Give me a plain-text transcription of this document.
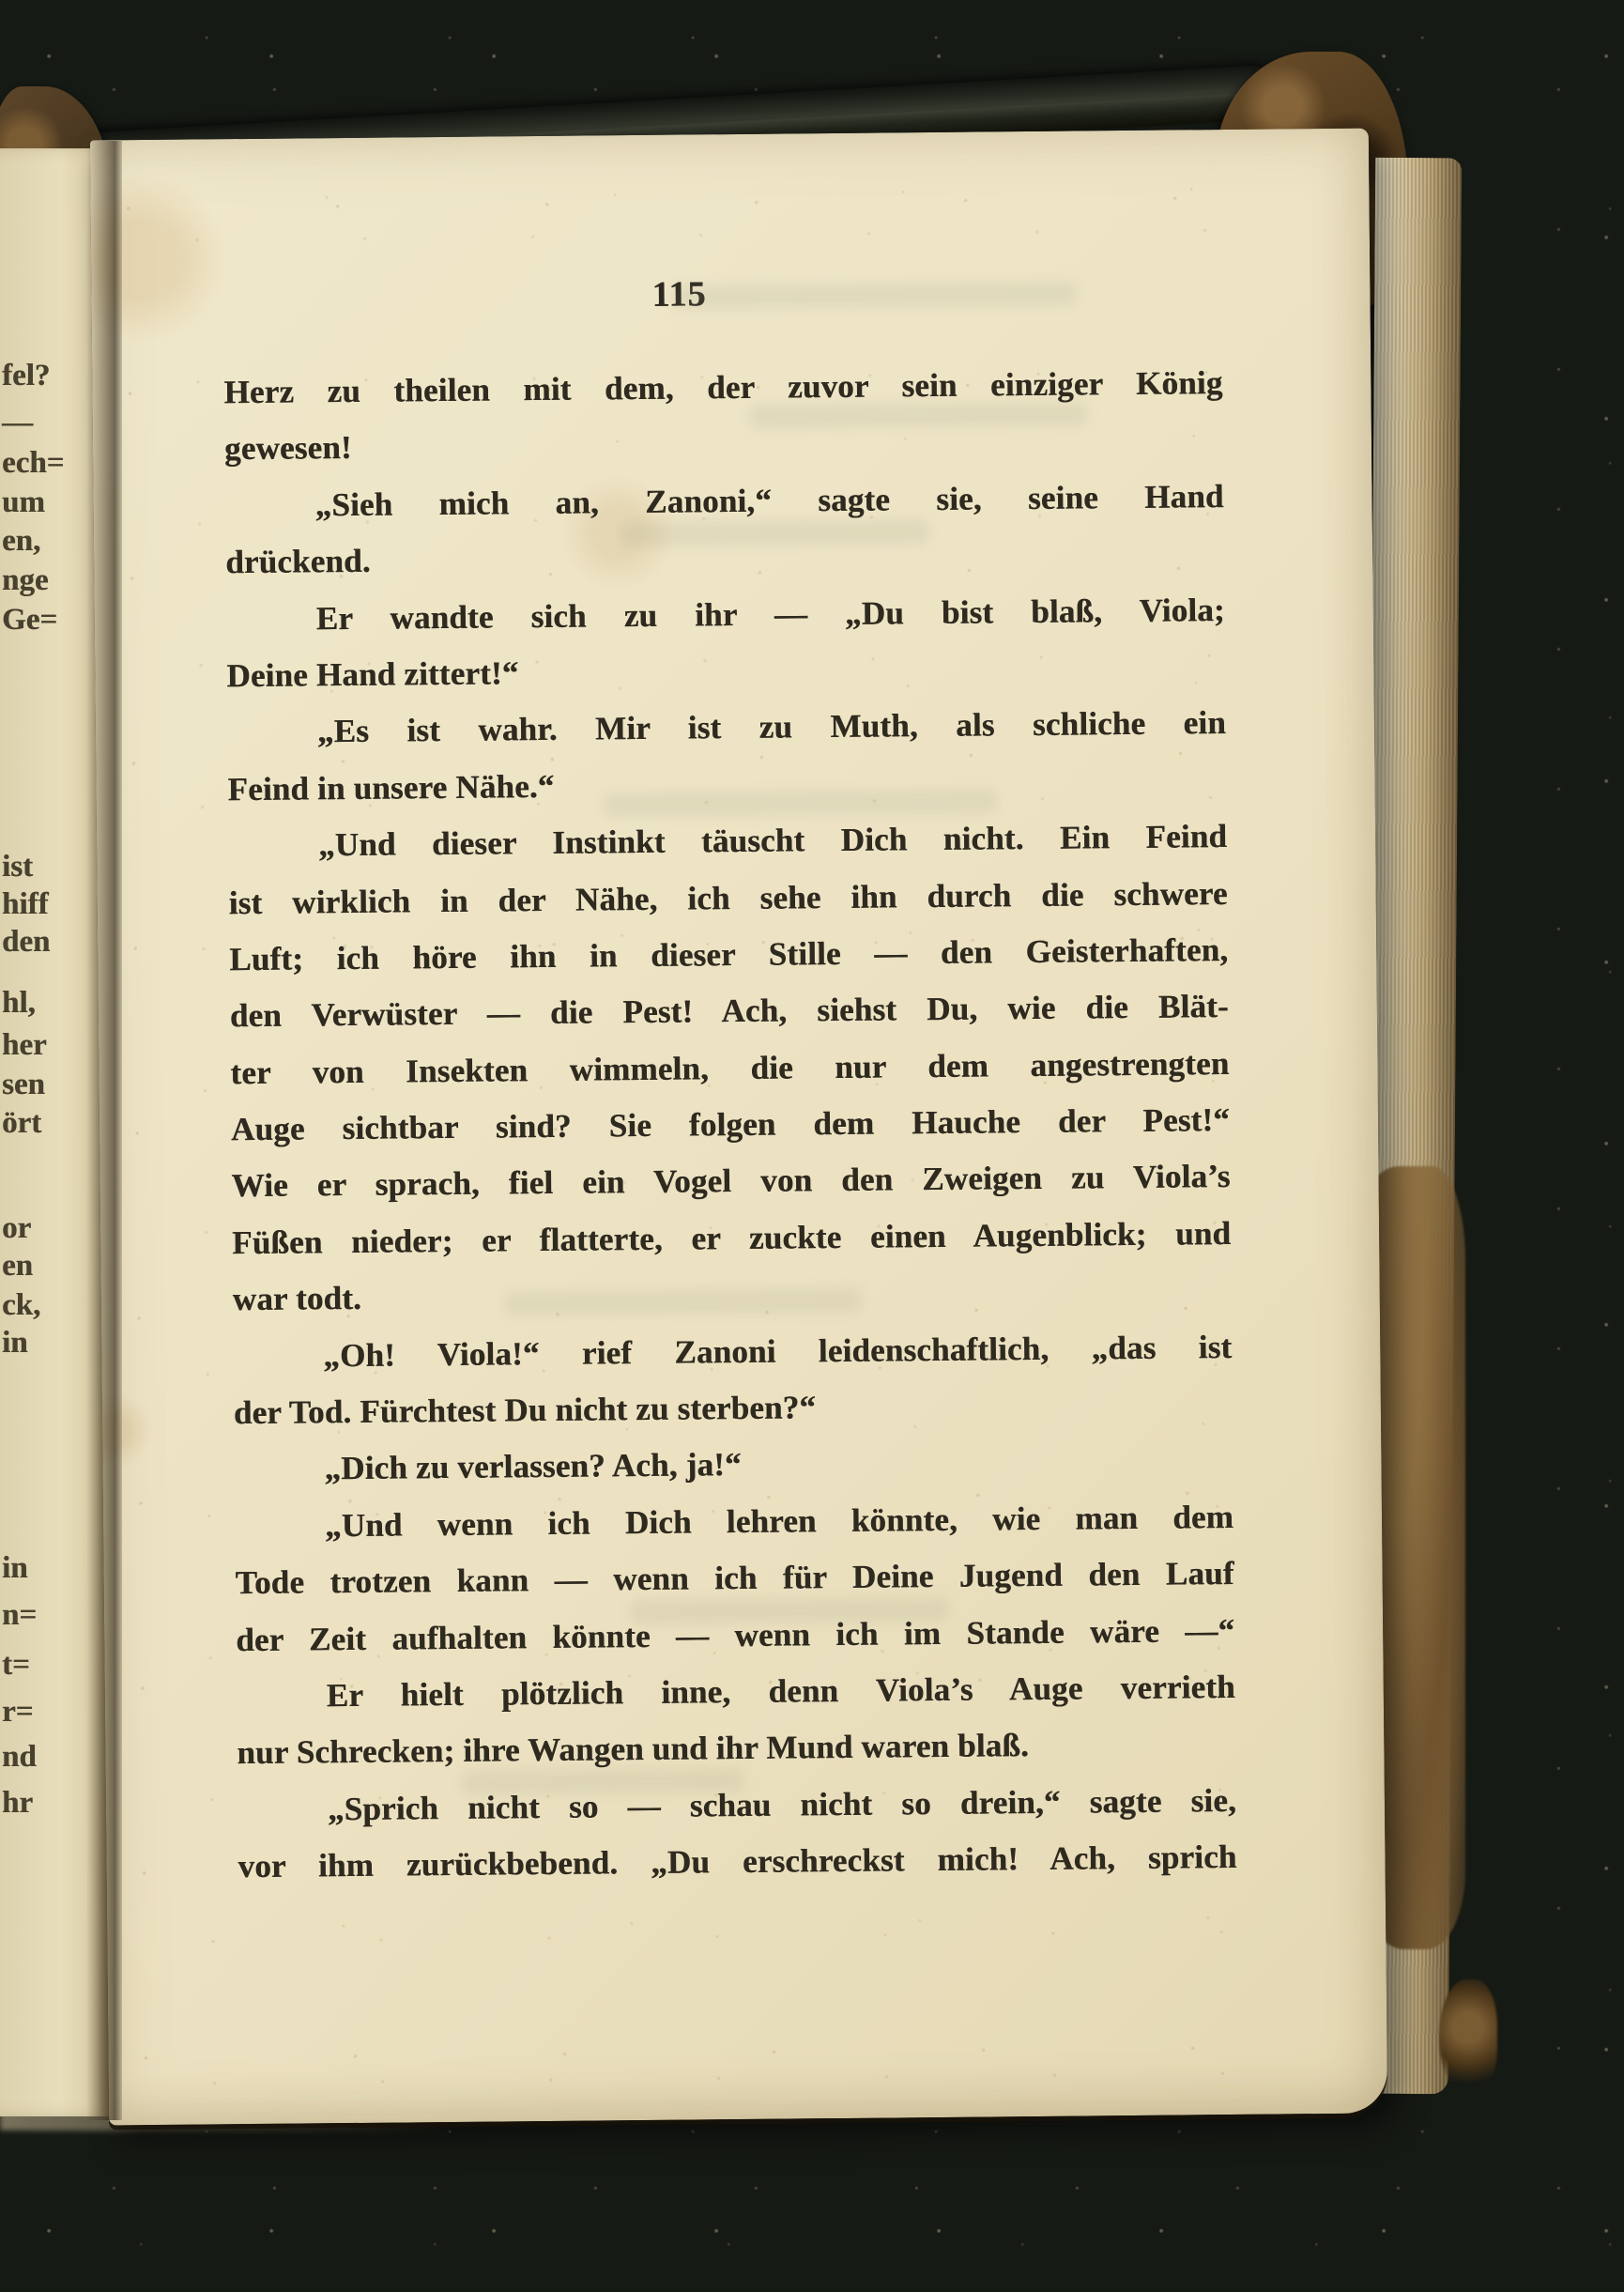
fel?
—
ech=
um
en,
nge
Ge=
ist
hiff
den
hl,
her
sen
ört
or
en
ck,
in
in
n=
t=
r=
nd
hr
115
Herz zu theilen mit dem, der zuvor sein einziger König
gewesen!
„Sieh mich an, Zanoni,“ sagte sie, seine Hand
drückend.
Er wandte sich zu ihr — „Du bist blaß, Viola;
Deine Hand zittert!“
„Es ist wahr. Mir ist zu Muth, als schliche ein
Feind in unsere Nähe.“
„Und dieser Instinkt täuscht Dich nicht. Ein Feind
ist wirklich in der Nähe, ich sehe ihn durch die schwere
Luft; ich höre ihn in dieser Stille — den Geisterhaften,
den Verwüster — die Pest! Ach, siehst Du, wie die Blät-
ter von Insekten wimmeln, die nur dem angestrengten
Auge sichtbar sind? Sie folgen dem Hauche der Pest!“
Wie er sprach, fiel ein Vogel von den Zweigen zu Viola’s
Füßen nieder; er flatterte, er zuckte einen Augenblick; und
war todt.
„Oh! Viola!“ rief Zanoni leidenschaftlich, „das ist
der Tod. Fürchtest Du nicht zu sterben?“
„Dich zu verlassen? Ach, ja!“
„Und wenn ich Dich lehren könnte, wie man dem
Tode trotzen kann — wenn ich für Deine Jugend den Lauf
der Zeit aufhalten könnte — wenn ich im Stande wäre —“
Er hielt plötzlich inne, denn Viola’s Auge verrieth
nur Schrecken; ihre Wangen und ihr Mund waren blaß.
„Sprich nicht so — schau nicht so drein,“ sagte sie,
vor ihm zurückbebend. „Du erschreckst mich! Ach, sprich
